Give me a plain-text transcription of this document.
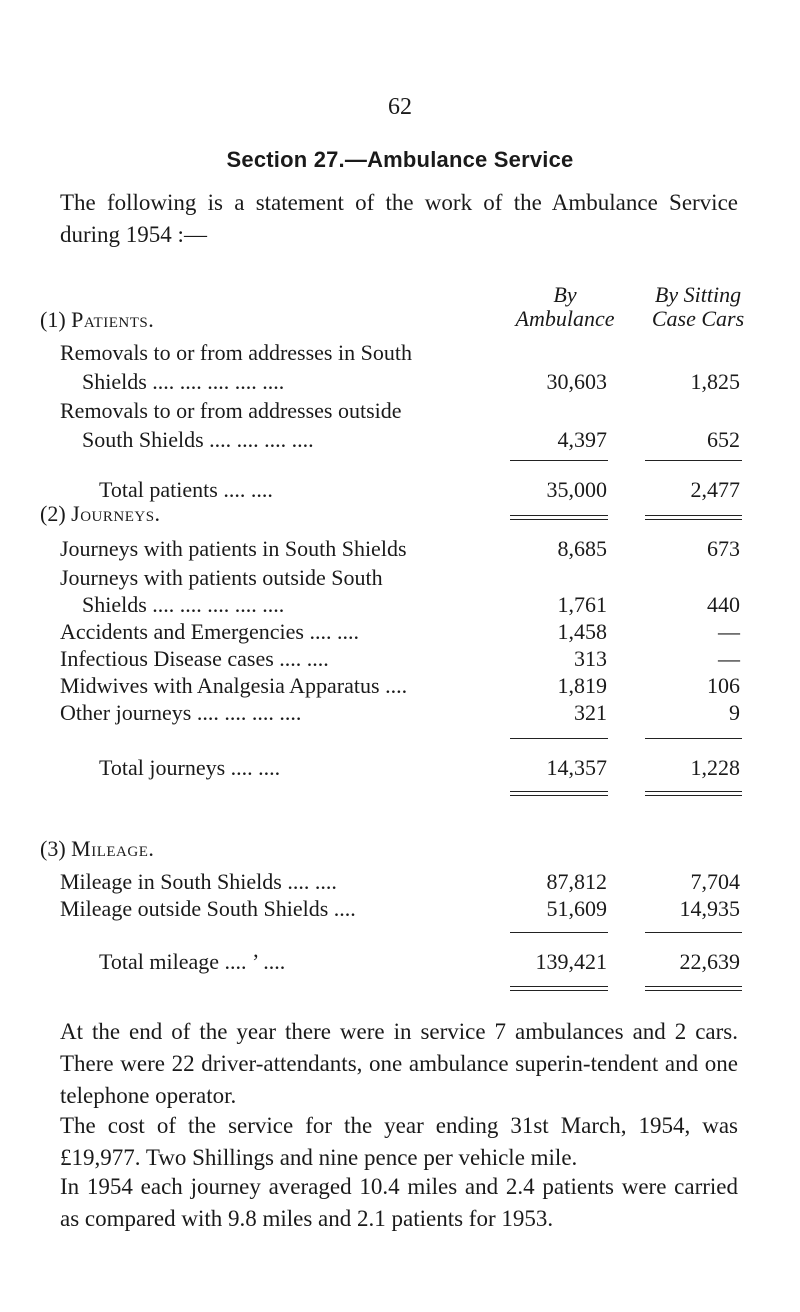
62
Section 27.—Ambulance Service
The following is a statement of the work of the Ambulance Service during 1954 :—
By
Ambulance
By Sitting
Case Cars
(1) Patients.
Removals to or from addresses in South
Shields .... .... .... .... ....	30,603	1,825
Removals to or from addresses outside
South Shields .... .... .... ....	4,397	652
Total patients .... ....	35,000	2,477
(2) Journeys.
Journeys with patients in South Shields	8,685	673
Journeys with patients outside South
Shields .... .... .... .... ....	1,761	440
Accidents and Emergencies .... ....	1,458	—
Infectious Disease cases .... ....	313	—
Midwives with Analgesia Apparatus ....	1,819	106
Other journeys .... .... .... ....	321	9
Total journeys .... ....	14,357	1,228
(3) Mileage.
Mileage in South Shields .... ....	87,812	7,704
Mileage outside South Shields ....	51,609	14,935
Total mileage .... ’ ....	139,421	22,639
At the end of the year there were in service 7 ambulances and 2 cars. There were 22 driver-attendants, one ambulance superin-tendent and one telephone operator.
The cost of the service for the year ending 31st March, 1954, was £19,977. Two Shillings and nine pence per vehicle mile.
In 1954 each journey averaged 10.4 miles and 2.4 patients were carried as compared with 9.8 miles and 2.1 patients for 1953.
